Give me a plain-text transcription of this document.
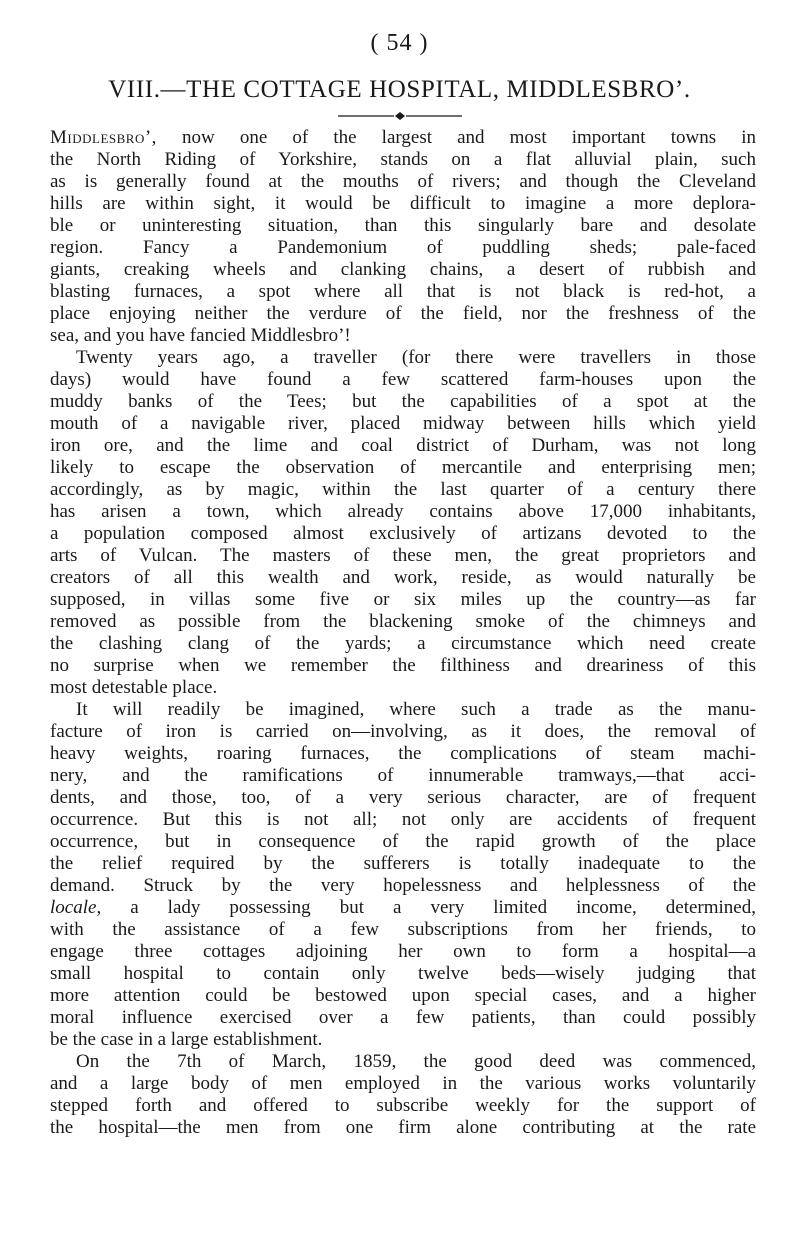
( 54 )
VIII.—THE COTTAGE HOSPITAL, MIDDLESBRO’.
Middlesbro’, now one of the largest and most important towns in
the North Riding of Yorkshire, stands on a flat alluvial plain, such
as is generally found at the mouths of rivers; and though the Cleveland
hills are within sight, it would be difficult to imagine a more deplora-
ble or uninteresting situation, than this singularly bare and desolate
region. Fancy a Pandemonium of puddling sheds; pale-faced
giants, creaking wheels and clanking chains, a desert of rubbish and
blasting furnaces, a spot where all that is not black is red-hot, a
place enjoying neither the verdure of the field, nor the freshness of the
sea, and you have fancied Middlesbro’!
Twenty years ago, a traveller (for there were travellers in those
days) would have found a few scattered farm-houses upon the
muddy banks of the Tees; but the capabilities of a spot at the
mouth of a navigable river, placed midway between hills which yield
iron ore, and the lime and coal district of Durham, was not long
likely to escape the observation of mercantile and enterprising men;
accordingly, as by magic, within the last quarter of a century there
has arisen a town, which already contains above 17,000 inhabitants,
a population composed almost exclusively of artizans devoted to the
arts of Vulcan. The masters of these men, the great proprietors and
creators of all this wealth and work, reside, as would naturally be
supposed, in villas some five or six miles up the country—as far
removed as possible from the blackening smoke of the chimneys and
the clashing clang of the yards; a circumstance which need create
no surprise when we remember the filthiness and dreariness of this
most detestable place.
It will readily be imagined, where such a trade as the manu-
facture of iron is carried on—involving, as it does, the removal of
heavy weights, roaring furnaces, the complications of steam machi-
nery, and the ramifications of innumerable tramways,—that acci-
dents, and those, too, of a very serious character, are of frequent
occurrence. But this is not all; not only are accidents of frequent
occurrence, but in consequence of the rapid growth of the place
the relief required by the sufferers is totally inadequate to the
demand. Struck by the very hopelessness and helplessness of the
locale, a lady possessing but a very limited income, determined,
with the assistance of a few subscriptions from her friends, to
engage three cottages adjoining her own to form a hospital—a
small hospital to contain only twelve beds—wisely judging that
more attention could be bestowed upon special cases, and a higher
moral influence exercised over a few patients, than could possibly
be the case in a large establishment.
On the 7th of March, 1859, the good deed was commenced,
and a large body of men employed in the various works voluntarily
stepped forth and offered to subscribe weekly for the support of
the hospital—the men from one firm alone contributing at the rate
